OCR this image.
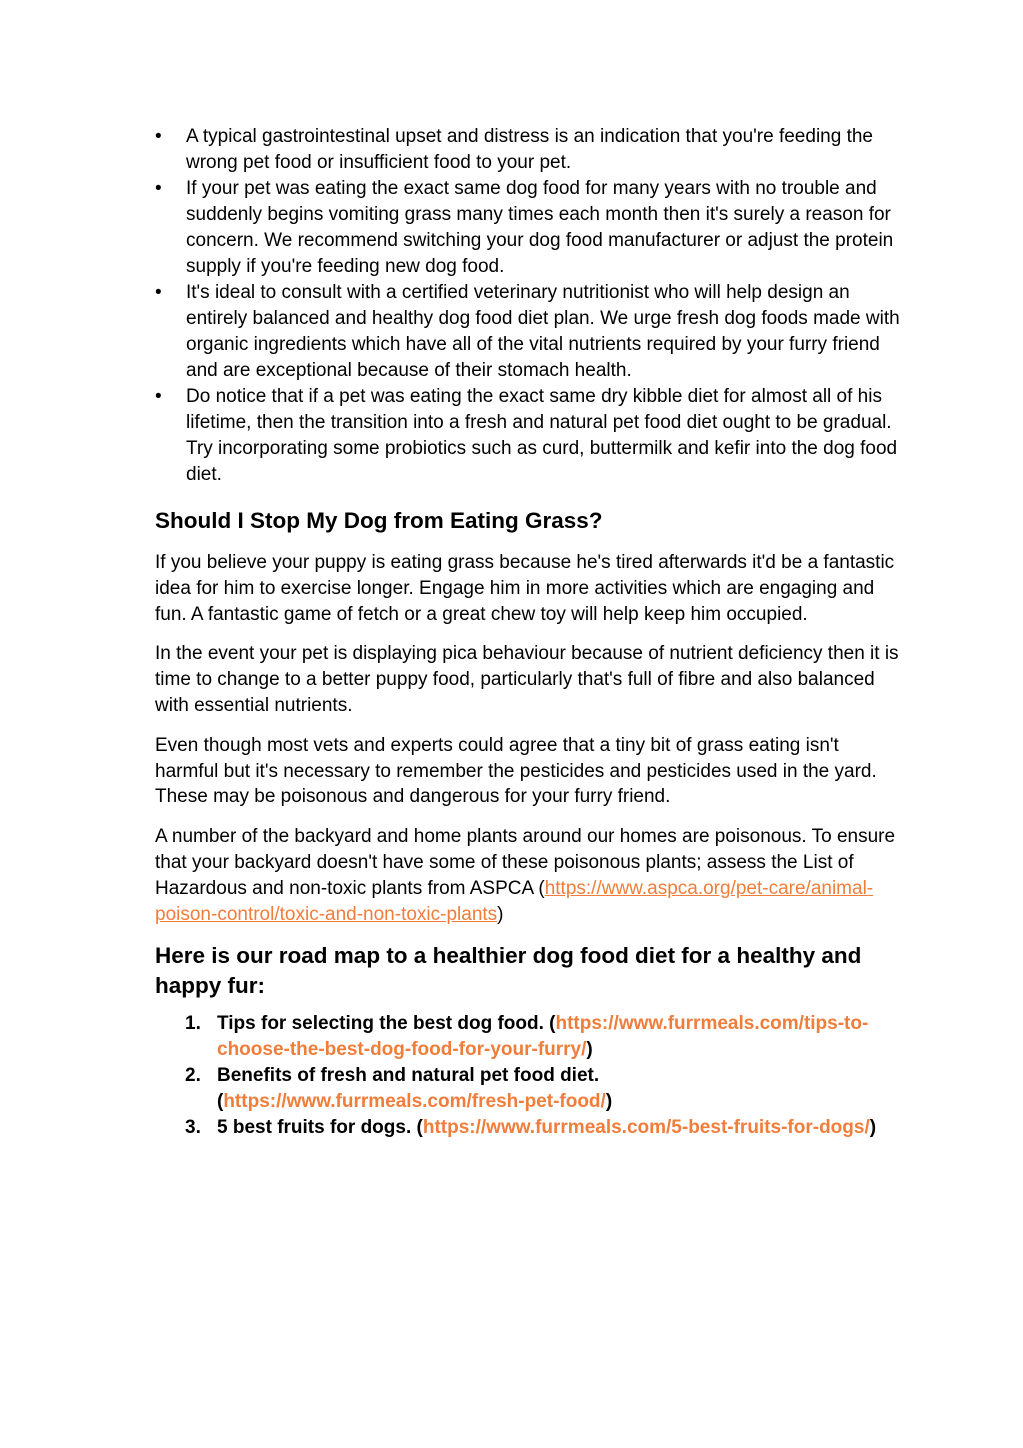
•	A typical gastrointestinal upset and distress is an indication that you're feeding the wrong pet food or insufficient food to your pet.
•	If your pet was eating the exact same dog food for many years with no trouble and suddenly begins vomiting grass many times each month then it's surely a reason for concern. We recommend switching your dog food manufacturer or adjust the protein supply if you're feeding new dog food.
•	It's ideal to consult with a certified veterinary nutritionist who will help design an entirely balanced and healthy dog food diet plan. We urge fresh dog foods made with organic ingredients which have all of the vital nutrients required by your furry friend and are exceptional because of their stomach health.
•	Do notice that if a pet was eating the exact same dry kibble diet for almost all of his lifetime, then the transition into a fresh and natural pet food diet ought to be gradual. Try incorporating some probiotics such as curd, buttermilk and kefir into the dog food diet.
Should I Stop My Dog from Eating Grass?

If you believe your puppy is eating grass because he's tired afterwards it'd be a fantastic idea for him to exercise longer. Engage him in more activities which are engaging and fun. A fantastic game of fetch or a great chew toy will help keep him occupied.

In the event your pet is displaying pica behaviour because of nutrient deficiency then it is time to change to a better puppy food, particularly that's full of fibre and also balanced with essential nutrients.

Even though most vets and experts could agree that a tiny bit of grass eating isn't harmful but it's necessary to remember the pesticides and pesticides used in the yard. These may be poisonous and dangerous for your furry friend.

A number of the backyard and home plants around our homes are poisonous. To ensure that your backyard doesn't have some of these poisonous plants; assess the List of Hazardous and non-toxic plants from ASPCA (https://www.aspca.org/pet-care/animal-poison-control/toxic-and-non-toxic-plants)

Here is our road map to a healthier dog food diet for a healthy and happy fur:
1. Tips for selecting the best dog food. (https://www.furrmeals.com/tips-to-choose-the-best-dog-food-for-your-furry/)
2. Benefits of fresh and natural pet food diet. (https://www.furrmeals.com/fresh-pet-food/)
3. 5 best fruits for dogs. (https://www.furrmeals.com/5-best-fruits-for-dogs/)
